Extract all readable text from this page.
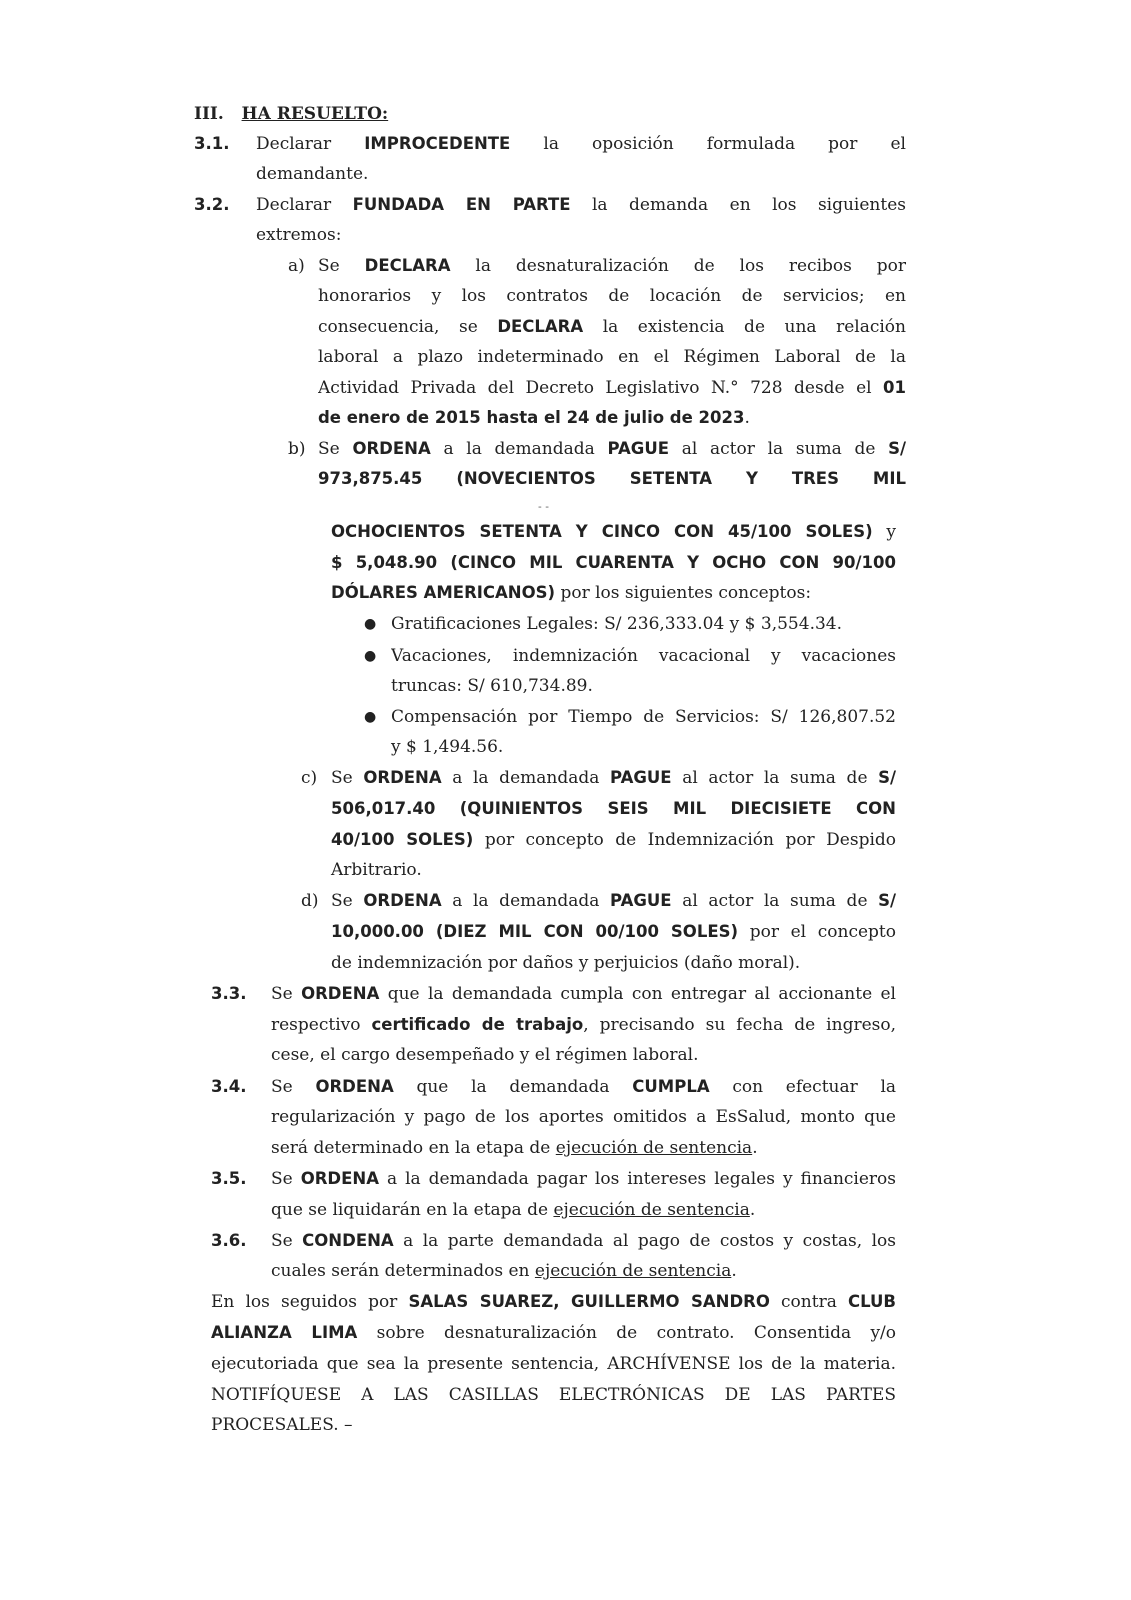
III. HA RESUELTO:
3.1. Declarar IMPROCEDENTE la oposición formulada por el
demandante.
3.2. Declarar FUNDADA EN PARTE la demanda en los siguientes
extremos:
a) Se DECLARA la desnaturalización de los recibos por
honorarios y los contratos de locación de servicios; en
consecuencia, se DECLARA la existencia de una relación
laboral a plazo indeterminado en el Régimen Laboral de la
Actividad Privada del Decreto Legislativo N.° 728 desde el 01
de enero de 2015 hasta el 24 de julio de 2023.
b) Se ORDENA a la demandada PAGUE al actor la suma de S/
973,875.45 (NOVECIENTOS SETENTA Y TRES MIL
- -
OCHOCIENTOS SETENTA Y CINCO CON 45/100 SOLES) y
$ 5,048.90 (CINCO MIL CUARENTA Y OCHO CON 90/100
DÓLARES AMERICANOS) por los siguientes conceptos:
● Gratificaciones Legales: S/ 236,333.04 y $ 3,554.34.
● Vacaciones, indemnización vacacional y vacaciones
truncas: S/ 610,734.89.
● Compensación por Tiempo de Servicios: S/ 126,807.52
y $ 1,494.56.
c) Se ORDENA a la demandada PAGUE al actor la suma de S/
506,017.40 (QUINIENTOS SEIS MIL DIECISIETE CON
40/100 SOLES) por concepto de Indemnización por Despido
Arbitrario.
d) Se ORDENA a la demandada PAGUE al actor la suma de S/
10,000.00 (DIEZ MIL CON 00/100 SOLES) por el concepto
de indemnización por daños y perjuicios (daño moral).
3.3. Se ORDENA que la demandada cumpla con entregar al accionante el
respectivo certificado de trabajo, precisando su fecha de ingreso,
cese, el cargo desempeñado y el régimen laboral.
3.4. Se ORDENA que la demandada CUMPLA con efectuar la
regularización y pago de los aportes omitidos a EsSalud, monto que
será determinado en la etapa de ejecución de sentencia.
3.5. Se ORDENA a la demandada pagar los intereses legales y financieros
que se liquidarán en la etapa de ejecución de sentencia.
3.6. Se CONDENA a la parte demandada al pago de costos y costas, los
cuales serán determinados en ejecución de sentencia.
En los seguidos por SALAS SUAREZ, GUILLERMO SANDRO contra CLUB
ALIANZA LIMA sobre desnaturalización de contrato. Consentida y/o
ejecutoriada que sea la presente sentencia, ARCHÍVENSE los de la materia.
NOTIFÍQUESE A LAS CASILLAS ELECTRÓNICAS DE LAS PARTES
PROCESALES. –
